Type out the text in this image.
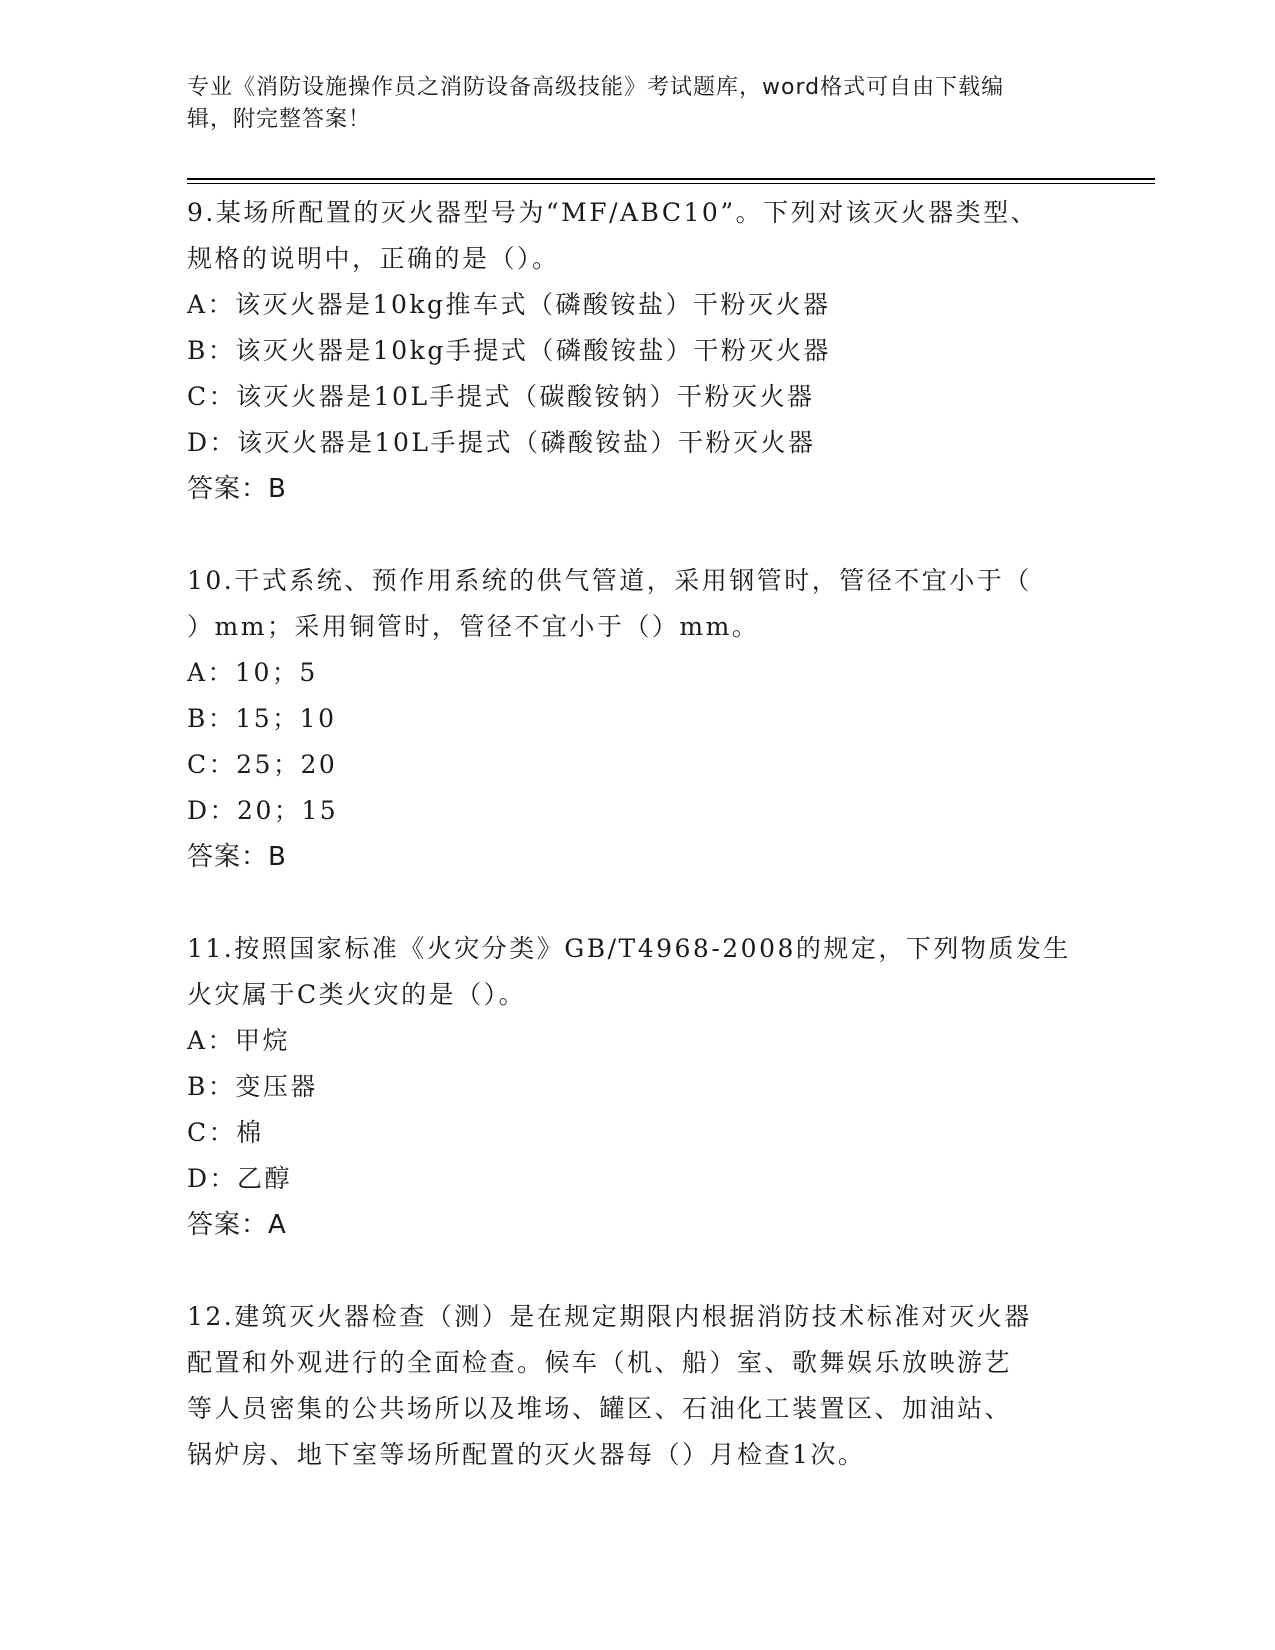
专业《消防设施操作员之消防设备高级技能》考试题库，word格式可自由下载编
辑，附完整答案！

9.某场所配置的灭火器型号为“MF/ABC10”。下列对该灭火器类型、

规格的说明中，正确的是（）。

A：该灭火器是10kg推车式（磷酸铵盐）干粉灭火器

B：该灭火器是10kg手提式（磷酸铵盐）干粉灭火器

C：该灭火器是10L手提式（碳酸铵钠）干粉灭火器

D：该灭火器是10L手提式（磷酸铵盐）干粉灭火器

答案：B

10.干式系统、预作用系统的供气管道，采用钢管时，管径不宜小于（

）mm；采用铜管时，管径不宜小于（）mm。

A：10；5

B：15；10

C：25；20

D：20；15

答案：B

11.按照国家标准《火灾分类》GB/T4968-2008的规定，下列物质发生

火灾属于C类火灾的是（）。

A：甲烷

B：变压器

C：棉

D：乙醇

答案：A

12.建筑灭火器检查（测）是在规定期限内根据消防技术标准对灭火器

配置和外观进行的全面检查。候车（机、船）室、歌舞娱乐放映游艺

等人员密集的公共场所以及堆场、罐区、石油化工装置区、加油站、

锅炉房、地下室等场所配置的灭火器每（）月检查1次。
